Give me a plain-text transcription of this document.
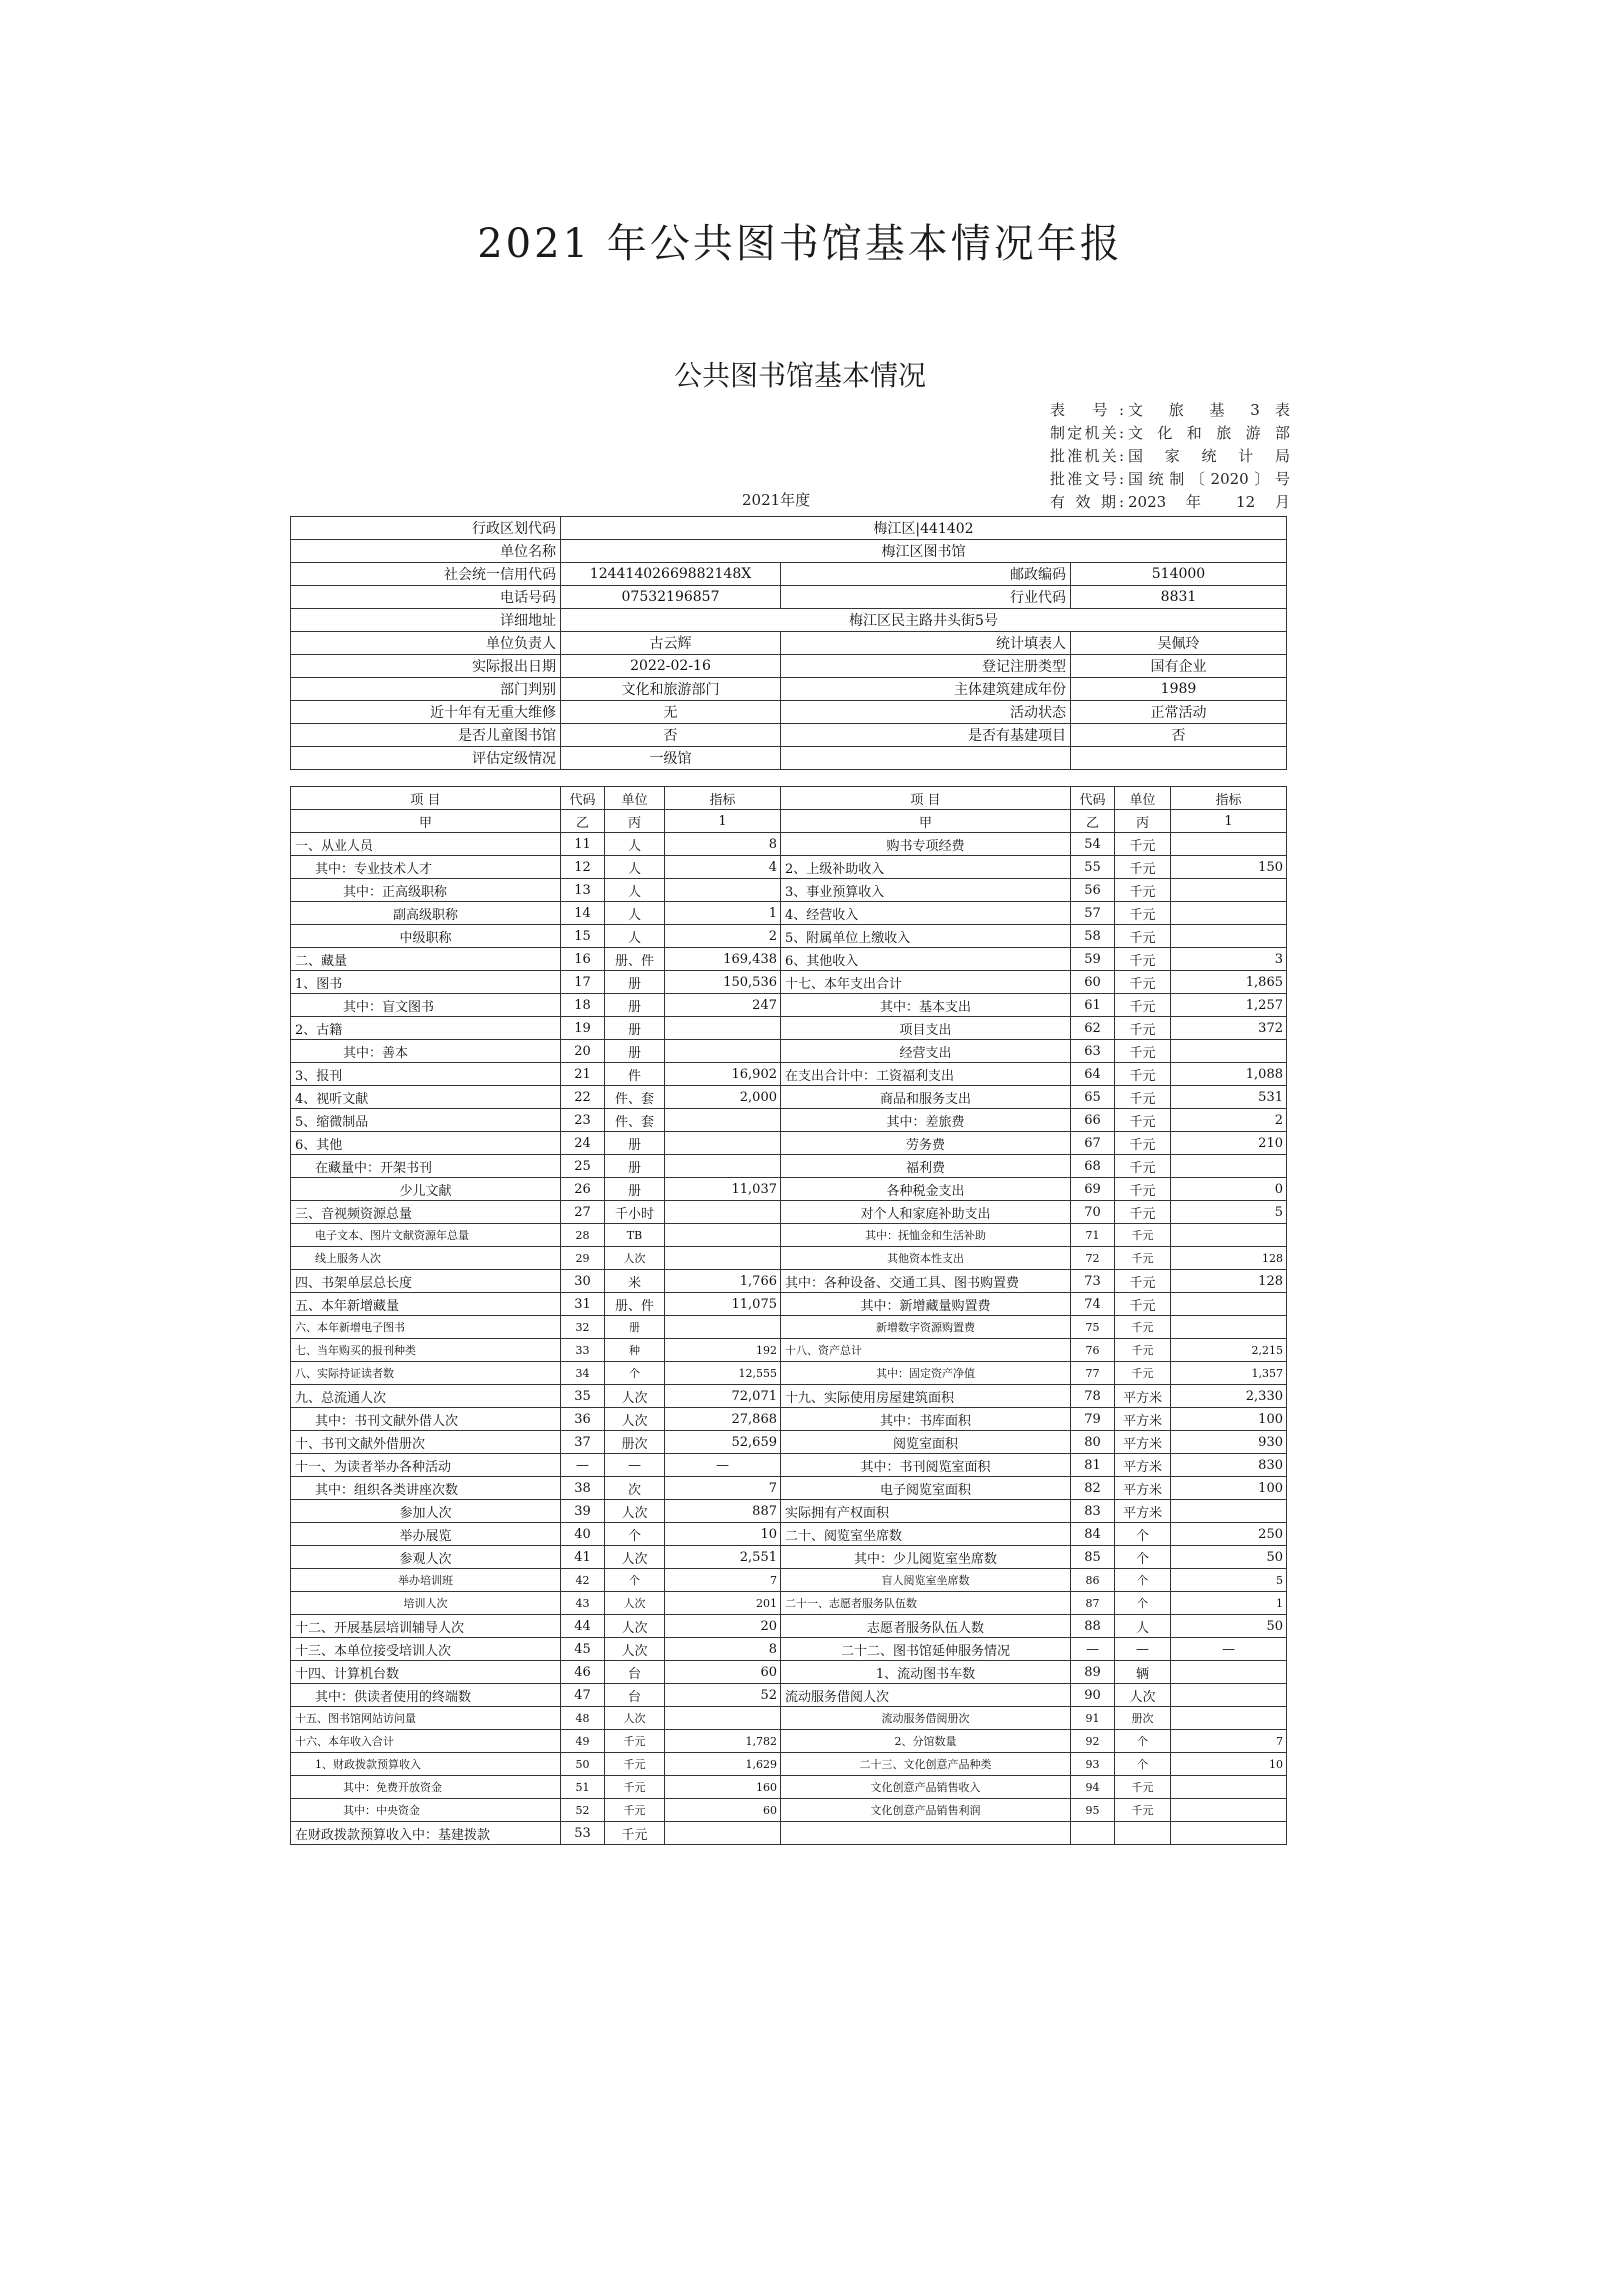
2021 年公共图书馆基本情况年报
公共图书馆基本情况
表 号: 文 旅 基 3 表
制定机关: 文化和旅游部
批准机关: 国 家 统 计 局
批准文号: 国统制〔2020〕号
有 效 期: 2023 年 12 月
2021年度
行政区划代码	梅江区|441402		
单位名称	梅江区图书馆		
社会统一信用代码	12441402669882148X	邮政编码	514000
电话号码	07532196857	行业代码	8831
详细地址	梅江区民主路井头街5号		
单位负责人	古云辉	统计填表人	吴佩玲
实际报出日期	2022-02-16	登记注册类型	国有企业
部门判别	文化和旅游部门	主体建筑建成年份	1989
近十年有无重大维修	无	活动状态	正常活动
是否儿童图书馆	否	是否有基建项目	否
评估定级情况	一级馆		
项 目	代码	单位	指标	项 目	代码	单位	指标
甲	乙	丙	1	甲	乙	丙	1
一、从业人员	11	人	8	购书专项经费	54	千元	
其中：专业技术人才	12	人	4	2、上级补助收入	55	千元	150
其中：正高级职称	13	人		3、事业预算收入	56	千元	
副高级职称	14	人	1	4、经营收入	57	千元	
中级职称	15	人	2	5、附属单位上缴收入	58	千元	
二、藏量	16	册、件	169,438	6、其他收入	59	千元	3
1、图书	17	册	150,536	十七、本年支出合计	60	千元	1,865
其中：盲文图书	18	册	247	其中：基本支出	61	千元	1,257
2、古籍	19	册		项目支出	62	千元	372
其中：善本	20	册		经营支出	63	千元	
3、报刊	21	件	16,902	在支出合计中：工资福利支出	64	千元	1,088
4、视听文献	22	件、套	2,000	商品和服务支出	65	千元	531
5、缩微制品	23	件、套		其中：差旅费	66	千元	2
6、其他	24	册		劳务费	67	千元	210
在藏量中：开架书刊	25	册		福利费	68	千元	
少儿文献	26	册	11,037	各种税金支出	69	千元	0
三、音视频资源总量	27	千小时		对个人和家庭补助支出	70	千元	5
电子文本、图片文献资源年总量	28	TB		其中：抚恤金和生活补助	71	千元	
线上服务人次	29	人次		其他资本性支出	72	千元	128
四、书架单层总长度	30	米	1,766	其中：各种设备、交通工具、图书购置费	73	千元	128
五、本年新增藏量	31	册、件	11,075	其中：新增藏量购置费	74	千元	
六、本年新增电子图书	32	册		新增数字资源购置费	75	千元	
七、当年购买的报刊种类	33	种	192	十八、资产总计	76	千元	2,215
八、实际持证读者数	34	个	12,555	其中：固定资产净值	77	千元	1,357
九、总流通人次	35	人次	72,071	十九、实际使用房屋建筑面积	78	平方米	2,330
其中：书刊文献外借人次	36	人次	27,868	其中：书库面积	79	平方米	100
十、书刊文献外借册次	37	册次	52,659	阅览室面积	80	平方米	930
十一、为读者举办各种活动	—	—	—	其中：书刊阅览室面积	81	平方米	830
其中：组织各类讲座次数	38	次	7	电子阅览室面积	82	平方米	100
参加人次	39	人次	887	实际拥有产权面积	83	平方米	
举办展览	40	个	10	二十、阅览室坐席数	84	个	250
参观人次	41	人次	2,551	其中：少儿阅览室坐席数	85	个	50
举办培训班	42	个	7	盲人阅览室坐席数	86	个	5
培训人次	43	人次	201	二十一、志愿者服务队伍数	87	个	1
十二、开展基层培训辅导人次	44	人次	20	志愿者服务队伍人数	88	人	50
十三、本单位接受培训人次	45	人次	8	二十二、图书馆延伸服务情况	—	—	—
十四、计算机台数	46	台	60	1、流动图书车数	89	辆	
其中：供读者使用的终端数	47	台	52	流动服务借阅人次	90	人次	
十五、图书馆网站访问量	48	人次		流动服务借阅册次	91	册次	
十六、本年收入合计	49	千元	1,782	2、分馆数量	92	个	7
1、财政拨款预算收入	50	千元	1,629	二十三、文化创意产品种类	93	个	10
其中：免费开放资金	51	千元	160	文化创意产品销售收入	94	千元	
其中：中央资金	52	千元	60	文化创意产品销售利润	95	千元	
在财政拨款预算收入中：基建拨款	53	千元					
